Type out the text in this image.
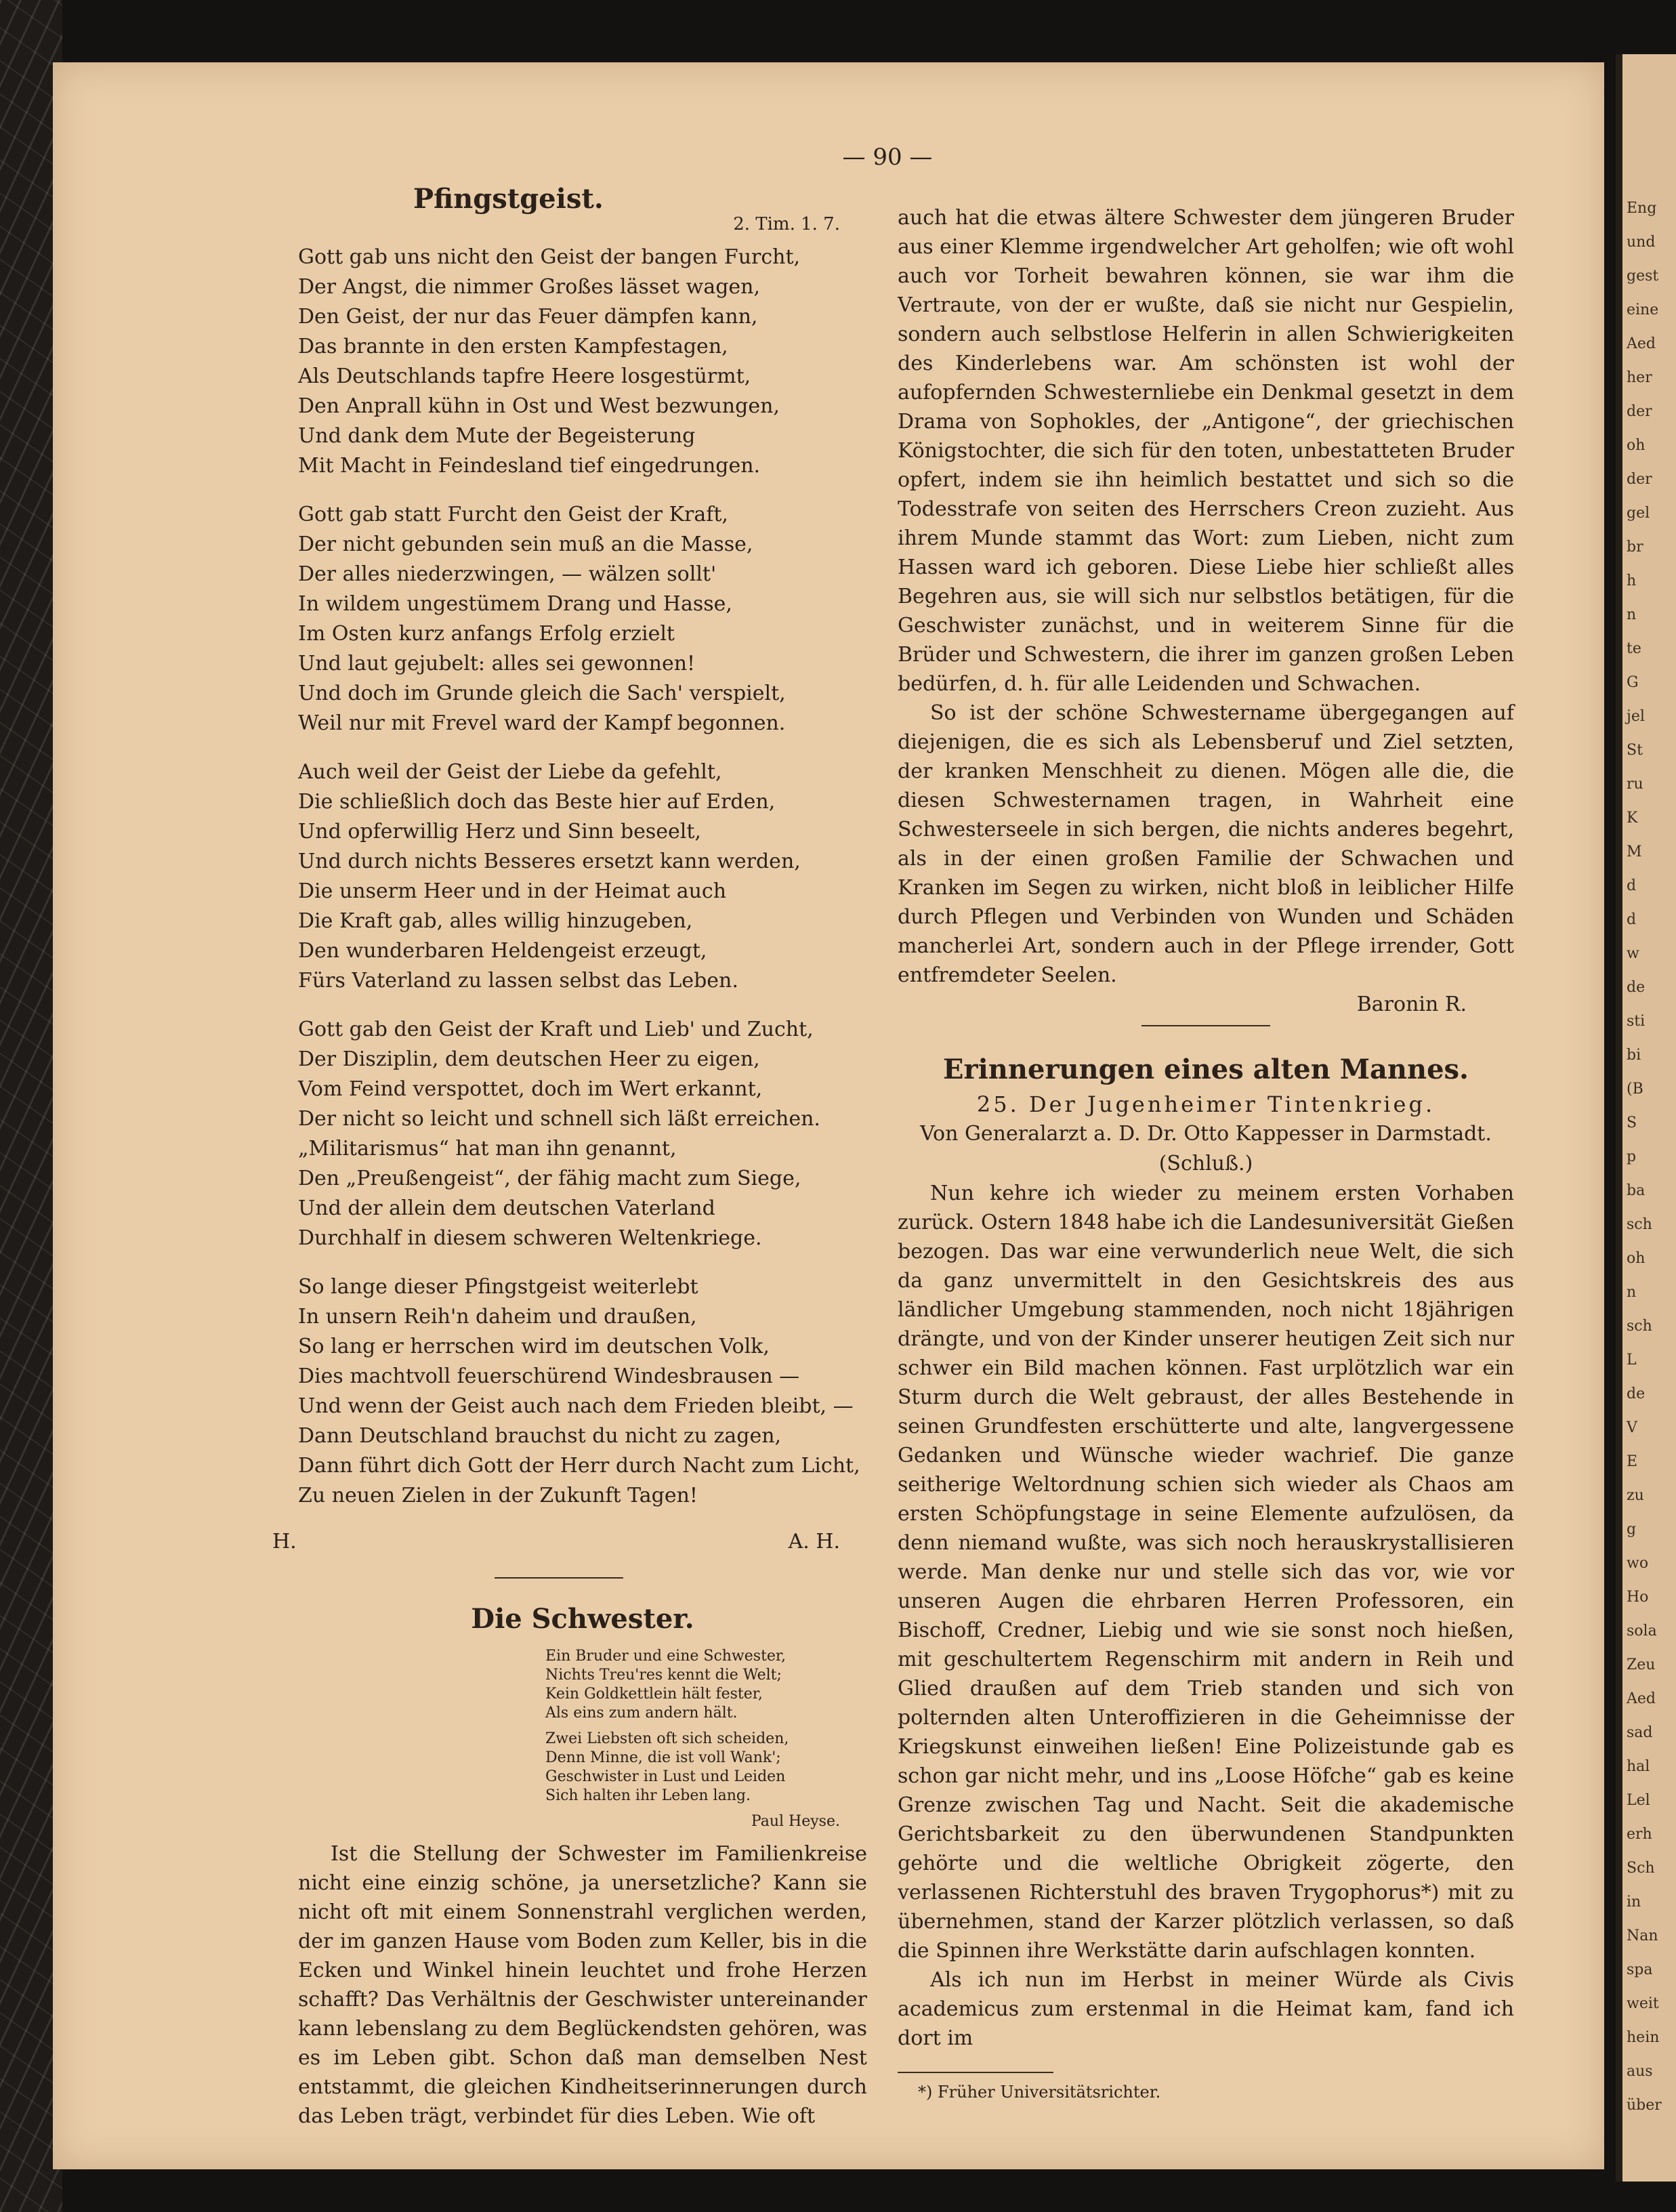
Eng
und
gest
eine
Aed
her
der
oh
der
gel
br
h
n
te
G
jel
St
ru
K
M
d
d
w
de
sti
bi
(B
S
p
ba
sch
oh
n
sch
L
de
V
E
zu
g
wo
Ho
sola
Zeu
Aed
sad
hal
Lel
erh
Sch
in
Nan
spa
weit
hein
aus
über
— 90 —
Pfingstgeist.
2. Tim. 1. 7.
Gott gab uns nicht den Geist der bangen Furcht,
Der Angst, die nimmer Großes lässet wagen,
Den Geist, der nur das Feuer dämpfen kann,
Das brannte in den ersten Kampfestagen,
Als Deutschlands tapfre Heere losgestürmt,
Den Anprall kühn in Ost und West bezwungen,
Und dank dem Mute der Begeisterung
Mit Macht in Feindesland tief eingedrungen.
Gott gab statt Furcht den Geist der Kraft,
Der nicht gebunden sein muß an die Masse,
Der alles niederzwingen, — wälzen sollt'
In wildem ungestümem Drang und Hasse,
Im Osten kurz anfangs Erfolg erzielt
Und laut gejubelt: alles sei gewonnen!
Und doch im Grunde gleich die Sach' verspielt,
Weil nur mit Frevel ward der Kampf begonnen.
Auch weil der Geist der Liebe da gefehlt,
Die schließlich doch das Beste hier auf Erden,
Und opferwillig Herz und Sinn beseelt,
Und durch nichts Besseres ersetzt kann werden,
Die unserm Heer und in der Heimat auch
Die Kraft gab, alles willig hinzugeben,
Den wunderbaren Heldengeist erzeugt,
Fürs Vaterland zu lassen selbst das Leben.
Gott gab den Geist der Kraft und Lieb' und Zucht,
Der Disziplin, dem deutschen Heer zu eigen,
Vom Feind verspottet, doch im Wert erkannt,
Der nicht so leicht und schnell sich läßt erreichen.
„Militarismus“ hat man ihn genannt,
Den „Preußengeist“, der fähig macht zum Siege,
Und der allein dem deutschen Vaterland
Durchhalf in diesem schweren Weltenkriege.
So lange dieser Pfingstgeist weiterlebt
In unsern Reih'n daheim und draußen,
So lang er herrschen wird im deutschen Volk,
Dies machtvoll feuerschürend Windesbrausen —
Und wenn der Geist auch nach dem Frieden bleibt, —
Dann Deutschland brauchst du nicht zu zagen,
Dann führt dich Gott der Herr durch Nacht zum Licht,
Zu neuen Zielen in der Zukunft Tagen!
H.	A. H.
Die Schwester.
Ein Bruder und eine Schwester,
Nichts Treu'res kennt die Welt;
Kein Goldkettlein hält fester,
Als eins zum andern hält.
Zwei Liebsten oft sich scheiden,
Denn Minne, die ist voll Wank';
Geschwister in Lust und Leiden
Sich halten ihr Leben lang.
Paul Heyse.

Ist die Stellung der Schwester im Familienkreise nicht eine einzig schöne, ja unersetzliche? Kann sie nicht oft mit einem Sonnenstrahl verglichen werden, der im ganzen Hause vom Boden zum Keller, bis in die Ecken und Winkel hinein leuchtet und frohe Herzen schafft? Das Verhältnis der Geschwister untereinander kann lebenslang zu dem Beglückendsten gehören, was es im Leben gibt. Schon daß man demselben Nest entstammt, die gleichen Kindheitserinnerungen durch das Leben trägt, verbindet für dies Leben. Wie oft

auch hat die etwas ältere Schwester dem jüngeren Bruder aus einer Klemme irgendwelcher Art geholfen; wie oft wohl auch vor Torheit bewahren können, sie war ihm die Vertraute, von der er wußte, daß sie nicht nur Gespielin, sondern auch selbstlose Helferin in allen Schwierigkeiten des Kinderlebens war. Am schönsten ist wohl der aufopfernden Schwesternliebe ein Denkmal gesetzt in dem Drama von Sophokles, der „Antigone“, der griechischen Königstochter, die sich für den toten, unbestatteten Bruder opfert, indem sie ihn heimlich bestattet und sich so die Todesstrafe von seiten des Herrschers Creon zuzieht. Aus ihrem Munde stammt das Wort: zum Lieben, nicht zum Hassen ward ich geboren. Diese Liebe hier schließt alles Begehren aus, sie will sich nur selbstlos betätigen, für die Geschwister zunächst, und in weiterem Sinne für die Brüder und Schwestern, die ihrer im ganzen großen Leben bedürfen, d. h. für alle Leidenden und Schwachen.

So ist der schöne Schwestername übergegangen auf diejenigen, die es sich als Lebensberuf und Ziel setzten, der kranken Menschheit zu dienen. Mögen alle die, die diesen Schwesternamen tragen, in Wahrheit eine Schwesterseele in sich bergen, die nichts anderes begehrt, als in der einen großen Familie der Schwachen und Kranken im Segen zu wirken, nicht bloß in leiblicher Hilfe durch Pflegen und Verbinden von Wunden und Schäden mancherlei Art, sondern auch in der Pflege irrender, Gott entfremdeter Seelen.

Baronin R.
Erinnerungen eines alten Mannes.
25. Der Jugenheimer Tintenkrieg.
Von Generalarzt a. D. Dr. Otto Kappesser in Darmstadt.
(Schluß.)

Nun kehre ich wieder zu meinem ersten Vorhaben zurück. Ostern 1848 habe ich die Landesuniversität Gießen bezogen. Das war eine verwunderlich neue Welt, die sich da ganz unvermittelt in den Gesichtskreis des aus ländlicher Umgebung stammenden, noch nicht 18jährigen drängte, und von der Kinder unserer heutigen Zeit sich nur schwer ein Bild machen können. Fast urplötzlich war ein Sturm durch die Welt gebraust, der alles Bestehende in seinen Grundfesten erschütterte und alte, langvergessene Gedanken und Wünsche wieder wachrief. Die ganze seitherige Weltordnung schien sich wieder als Chaos am ersten Schöpfungstage in seine Elemente aufzulösen, da denn niemand wußte, was sich noch herauskrystallisieren werde. Man denke nur und stelle sich das vor, wie vor unseren Augen die ehrbaren Herren Professoren, ein Bischoff, Credner, Liebig und wie sie sonst noch hießen, mit geschultertem Regenschirm mit andern in Reih und Glied draußen auf dem Trieb standen und sich von polternden alten Unteroffizieren in die Geheimnisse der Kriegskunst einweihen ließen! Eine Polizeistunde gab es schon gar nicht mehr, und ins „Loose Höfche“ gab es keine Grenze zwischen Tag und Nacht. Seit die akademische Gerichtsbarkeit zu den überwundenen Standpunkten gehörte und die weltliche Obrigkeit zögerte, den verlassenen Richterstuhl des braven Trygophorus*) mit zu übernehmen, stand der Karzer plötzlich verlassen, so daß die Spinnen ihre Werkstätte darin aufschlagen konnten.

Als ich nun im Herbst in meiner Würde als Civis academicus zum erstenmal in die Heimat kam, fand ich dort im

*) Früher Universitätsrichter.
